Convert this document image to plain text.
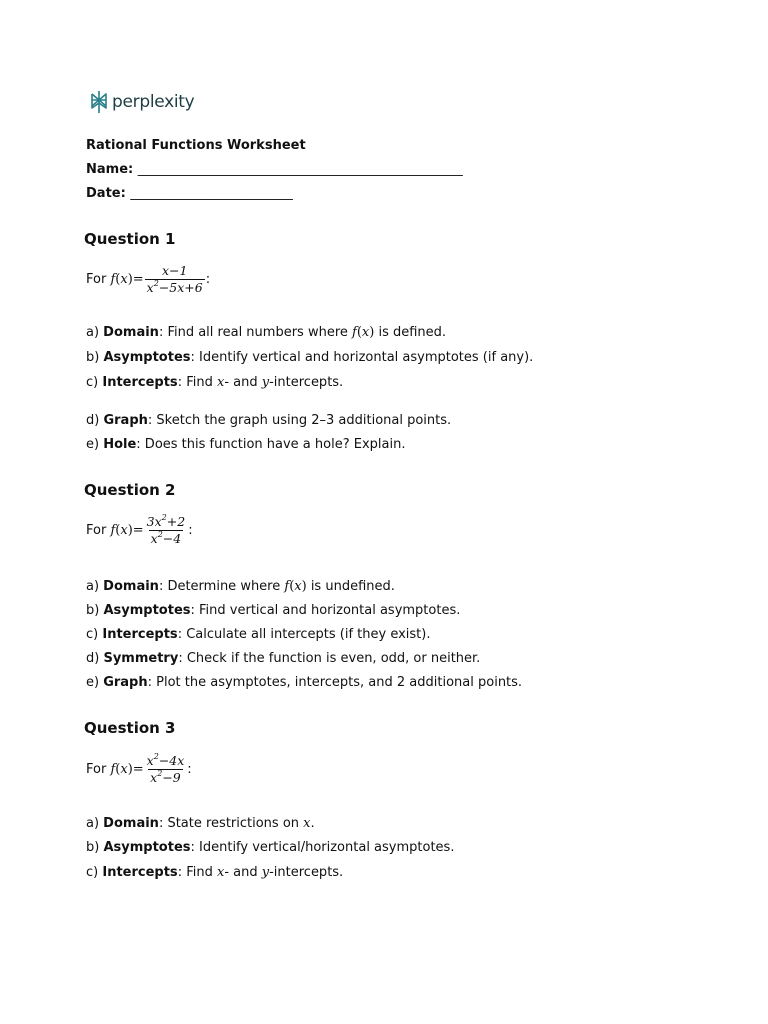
perplexity
Rational Functions Worksheet
Name: __________________________________________________
Date: _________________________
Question 1
For
f ( x )= $\frac{x-1}{x^2-5x+6}$ :
a) Domain: Find all real numbers where f(x) is defined.
b) Asymptotes: Identify vertical and horizontal asymptotes (if any).
c) Intercepts: Find x- and y-intercepts.
d) Graph: Sketch the graph using 2–3 additional points.
e) Hole: Does this function have a hole? Explain.
Question 2
For
f ( x )= $\frac{3x^2+2}{x^2-4}$ :
a) Domain: Determine where f(x) is undefined.
b) Asymptotes: Find vertical and horizontal asymptotes.
c) Intercepts: Calculate all intercepts (if they exist).
d) Symmetry: Check if the function is even, odd, or neither.
e) Graph: Plot the asymptotes, intercepts, and 2 additional points.
Question 3
For
f ( x )= $\frac{x^2-4x}{x^2-9}$ :
a) Domain: State restrictions on x.
b) Asymptotes: Identify vertical/horizontal asymptotes.
c) Intercepts: Find x- and y-intercepts.
